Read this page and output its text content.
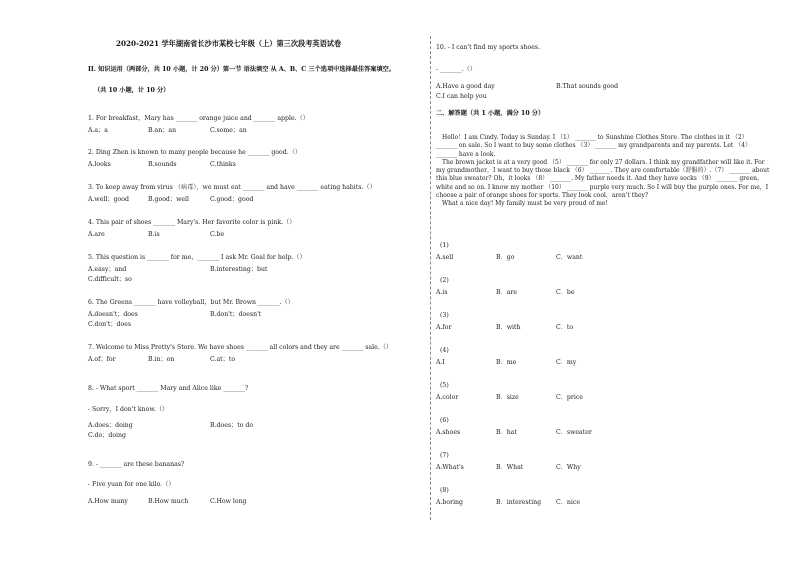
2020-2021 学年湖南省长沙市某校七年级（上）第三次段考英语试卷
II. 知识运用（两部分，共 10 小题，计 20 分）第一节 语法填空 从 A、B、C 三个选项中选择最佳答案填空。
（共 10 小题，计 10 分）
1. For breakfast，Mary has _______ orange juice and _______ apple.（）
A.a；a	B.an；an	C.some；an
2. Ding Zhen is known to many people because he _______ good.（）
A.looks	B.sounds	C.thinks
3. To keep away from virus （病毒），we must eat _______ and have _______ eating habits.（）
A.well；good	B.good；well	C.good；good
4. This pair of shoes _______ Mary's. Her favorite color is pink.（）
A.are	B.is	C.be
5. This question is _______ for me，_______ I ask Mr. Goal for help.（）
A.easy；and	B.interesting；but
C.difficult；so
6. The Greens _______ have volleyball，but Mr. Brown _______.（）
A.doesn't；does	B.don't；doesn't
C.don't；does
7. Welcome to Miss Pretty's Store. We have shoes _______ all colors and they are _______ sale.（）
A.of；for	B.in；on	C.at；to
8. - What sport _______ Mary and Alice like _______?
- Sorry，I don't know.（）
A.does；doing	B.does；to do
C.do；doing
9. - _______ are these bananas?
- Five yuan for one kilo.（）
A.How many	B.How much	C.How long
10. - I can't find my sports shoes.
- _______.（）
A.Have a good day	B.That sounds good
C.I can help you
二、解答题（共 1 小题，满分 10 分）

Hello！I am Cindy. Today is Sunday. I （1） _______ to Sunshine Clothes Store. The clothes in it （2） _______ on sale. So I want to buy some clothes （3） _______ my grandparents and my parents. Let （4） _______ have a look.

The brown jacket is at a very good （5） _______ for only 27 dollars. I think my grandfather will like it. For my grandmother，I want to buy those black （6） _______. They are comfortable（舒服的）.（7） _______ about this blue sweater? Oh，it looks （8） _______. My father needs it. And they have socks （9） _______ green，white and so on. I know my mother （10） _______ purple very much. So I will buy the purple ones. For me，I choose a pair of orange shoes for sports. They look cool，aren't they?

What a nice day! My family must be very proud of me!

(1)
A.sell	B．go	C．want
(2)
A.is	B．are	C．be
(3)
A.for	B．with	C．to
(4)
A.I	B．me	C．my
(5)
A.color	B．size	C．price
(6)
A.shoes	B．hat	C．sweater
(7)
A.What's	B．What	C．Why
(8)
A.boring	B．interesting C．nice
